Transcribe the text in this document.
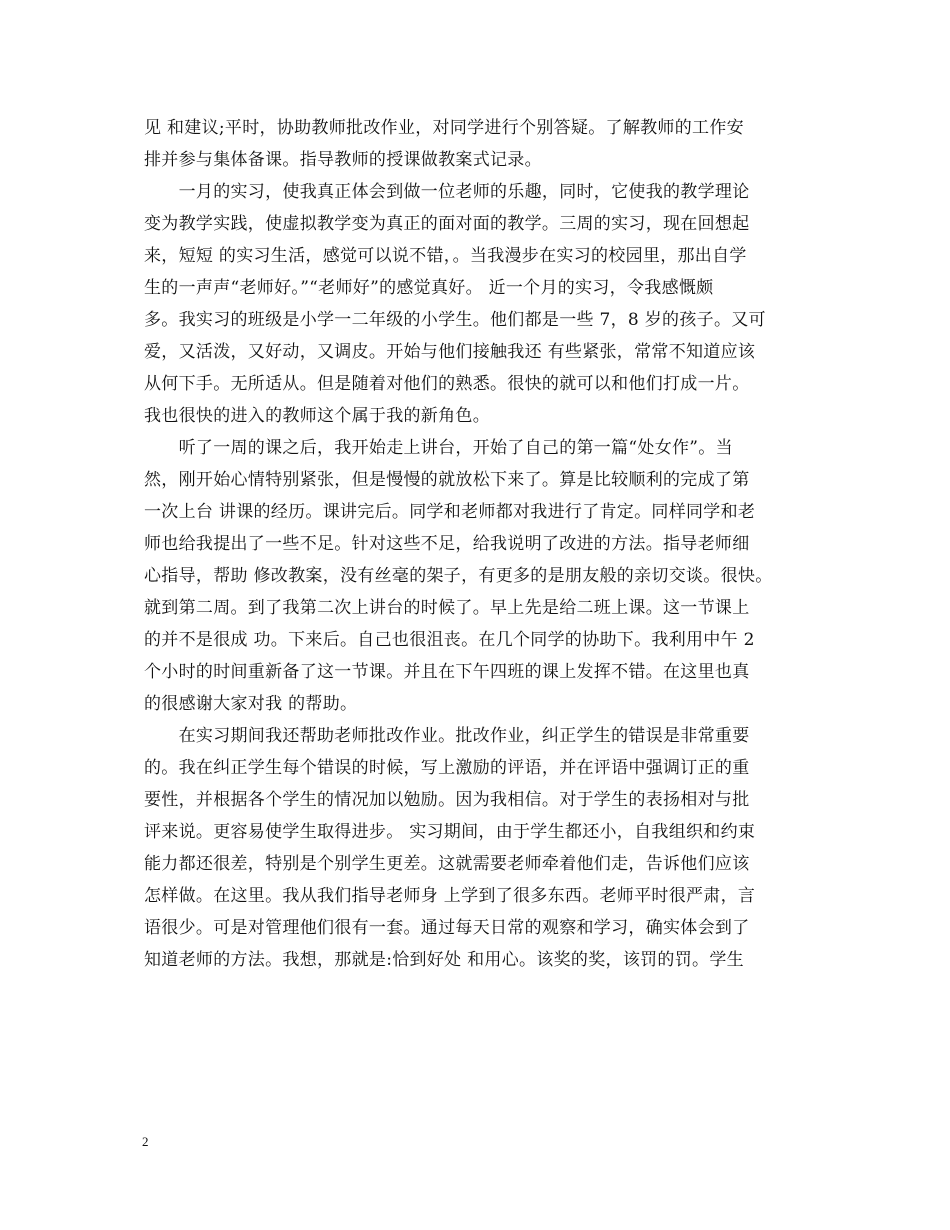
见 和建议;平时，协助教师批改作业，对同学进行个别答疑。了解教师的工作安
排并参与集体备课。指导教师的授课做教案式记录。
　　一月的实习，使我真正体会到做一位老师的乐趣，同时，它使我的教学理论
变为教学实践，使虚拟教学变为真正的面对面的教学。三周的实习，现在回想起
来，短短 的实习生活，感觉可以说不错，。当我漫步在实习的校园里，那出自学
生的一声声“老师好。”“老师好”的感觉真好。 近一个月的实习，令我感慨颇
多。我实习的班级是小学一二年级的小学生。他们都是一些 7，8 岁的孩子。又可
爱，又活泼，又好动，又调皮。开始与他们接触我还 有些紧张，常常不知道应该
从何下手。无所适从。但是随着对他们的熟悉。很快的就可以和他们打成一片。
我也很快的进入的教师这个属于我的新角色。
　　听了一周的课之后，我开始走上讲台，开始了自己的第一篇“处女作”。当
然，刚开始心情特别紧张，但是慢慢的就放松下来了。算是比较顺利的完成了第
一次上台 讲课的经历。课讲完后。同学和老师都对我进行了肯定。同样同学和老
师也给我提出了一些不足。针对这些不足，给我说明了改进的方法。指导老师细
心指导，帮助 修改教案，没有丝毫的架子，有更多的是朋友般的亲切交谈。很快。
就到第二周。到了我第二次上讲台的时候了。早上先是给二班上课。这一节课上
的并不是很成 功。下来后。自己也很沮丧。在几个同学的协助下。我利用中午 2
个小时的时间重新备了这一节课。并且在下午四班的课上发挥不错。在这里也真
的很感谢大家对我 的帮助。
　　在实习期间我还帮助老师批改作业。批改作业，纠正学生的错误是非常重要
的。我在纠正学生每个错误的时候，写上激励的评语，并在评语中强调订正的重
要性，并根据各个学生的情况加以勉励。因为我相信。对于学生的表扬相对与批
评来说。更容易使学生取得进步。 实习期间，由于学生都还小，自我组织和约束
能力都还很差，特别是个别学生更差。这就需要老师牵着他们走，告诉他们应该
怎样做。在这里。我从我们指导老师身 上学到了很多东西。老师平时很严肃，言
语很少。可是对管理他们很有一套。通过每天日常的观察和学习，确实体会到了
知道老师的方法。我想，那就是:恰到好处 和用心。该奖的奖，该罚的罚。学生
2
